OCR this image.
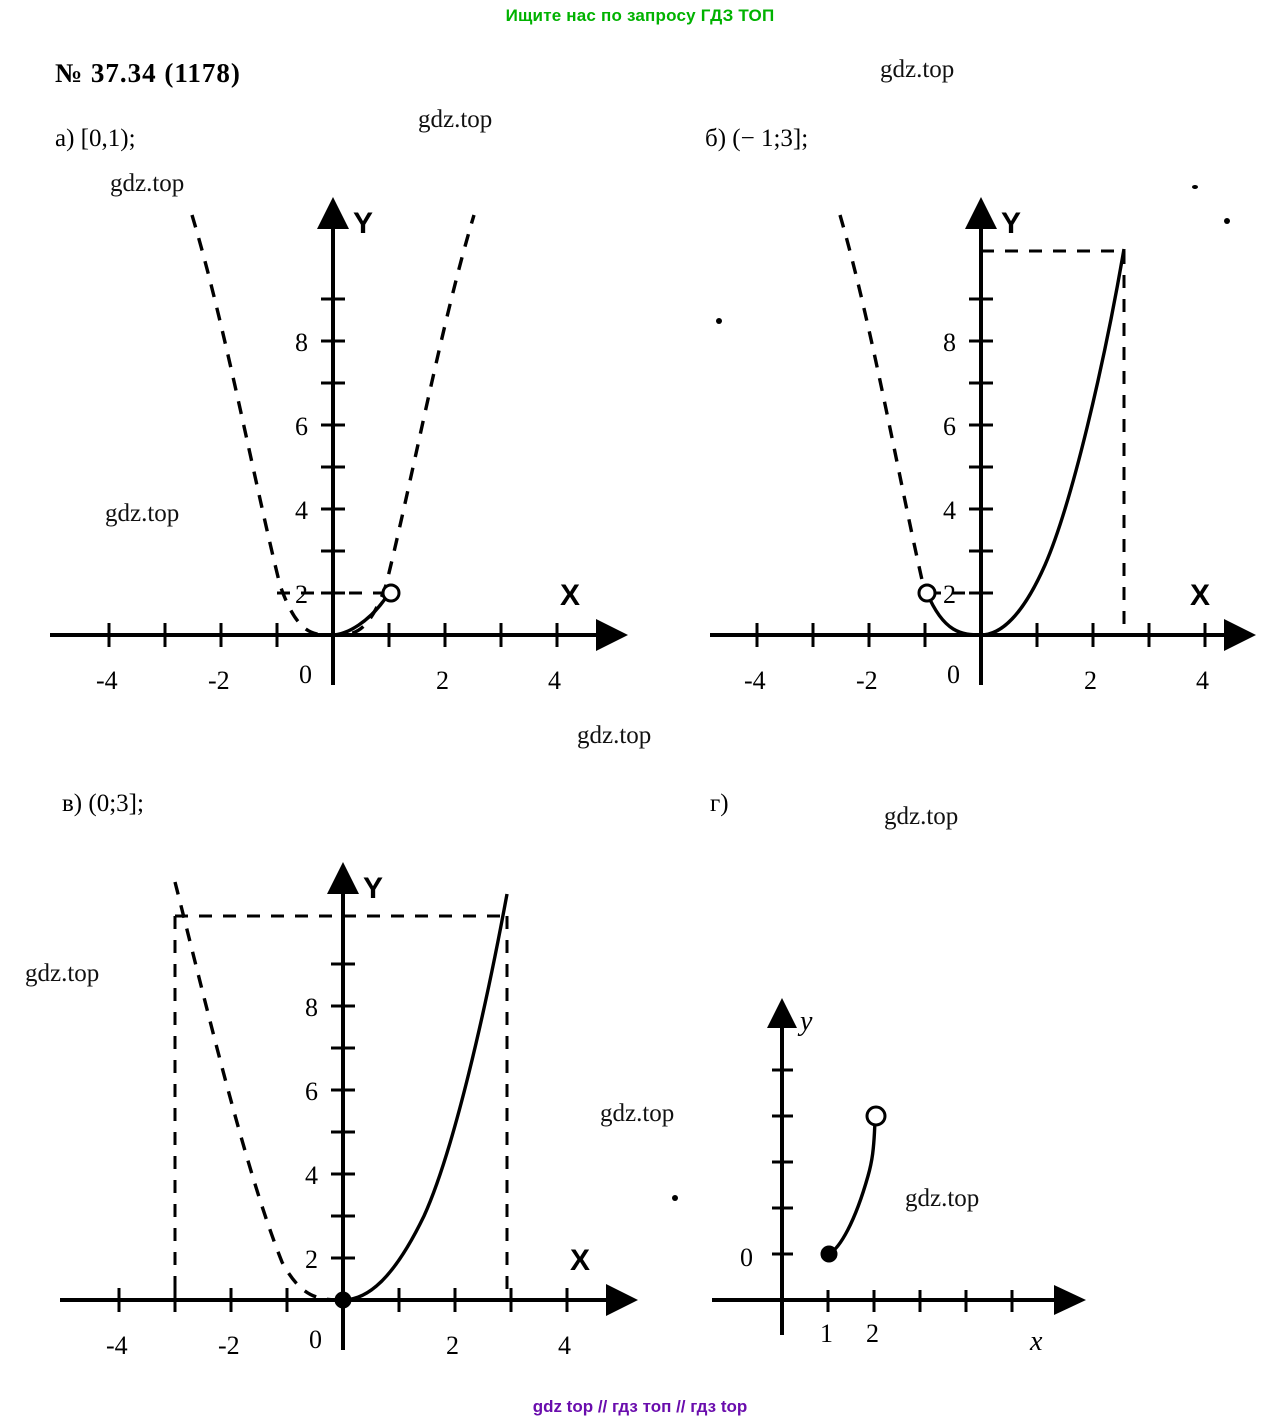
Ищите нас по запросу ГДЗ ТОП
gdz top // гдз топ // гдз top
№ 37.34 (1178)
gdz.top
gdz.top
gdz.top
gdz.top
gdz.top
gdz.top
gdz.top
gdz.top
gdz.top
а) [0,1);
-4	-2	2	4
0
2
4
6
8
X
Y
б) (− 1;3];
-4	-2	2	4
0
2
4
6
8
X
Y
в) (0;3];
-4	-2	2	4
0
2
4
6
8
X
Y
г)
0
1 2	x
y
